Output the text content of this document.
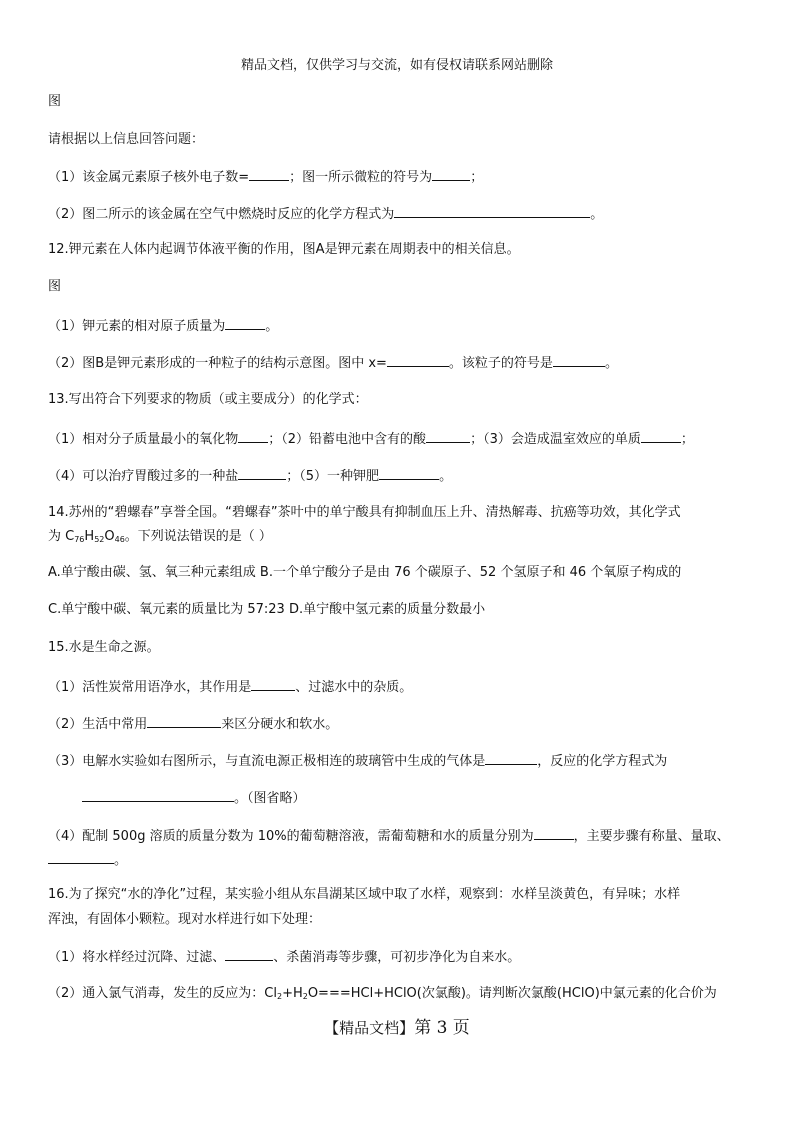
精品文档，仅供学习与交流，如有侵权请联系网站删除
图
请根据以上信息回答问题：
（1）该金属元素原子核外电子数=	；图一所示微粒的符号为	；
（2）图二所示的该金属在空气中燃烧时反应的化学方程式为	。
12.钾元素在人体内起调节体液平衡的作用，图A是钾元素在周期表中的相关信息。
图
（1）钾元素的相对原子质量为	。
（2）图B是钾元素形成的一种粒子的结构示意图。图中 x=	。该粒子的符号是	。
13.写出符合下列要求的物质（或主要成分）的化学式：
（1）相对分子质量最小的氧化物 ；（2）铅蓄电池中含有的酸	；（3）会造成温室效应的单质	；
（4）可以治疗胃酸过多的一种盐	；（5）一种钾肥	。
14.苏州的“碧螺春”享誉全国。“碧螺春”茶叶中的单宁酸具有抑制血压上升、清热解毒、抗癌等功效，其化学式
为 $C_{76}H_{52}O_{46}$。下列说法错误的是（ ）
A.单宁酸由碳、氢、氧三种元素组成 B.一个单宁酸分子是由 76 个碳原子、52 个氢原子和 46 个氧原子构成的
C.单宁酸中碳、氧元素的质量比为 57:23 D.单宁酸中氢元素的质量分数最小
15.水是生命之源。
（1）活性炭常用语净水，其作用是	、过滤水中的杂质。
（2）生活中常用	来区分硬水和软水。
（3）电解水实验如右图所示，与直流电源正极相连的玻璃管中生成的气体是	，反应的化学方程式为
。（图省略）
（4）配制 500g 溶质的质量分数为 10%的葡萄糖溶液，需葡萄糖和水的质量分别为	，主要步骤有称量、量取、
。
16.为了探究“水的净化”过程，某实验小组从东昌湖某区域中取了水样，观察到：水样呈淡黄色，有异味；水样
浑浊，有固体小颗粒。现对水样进行如下处理：
（1）将水样经过沉降、过滤、	、杀菌消毒等步骤，可初步净化为自来水。
（2）通入氯气消毒，发生的反应为：$Cl_2+H_2O===HCl+HClO$(次氯酸)。请判断次氯酸(HClO)中氯元素的化合价为
【精品文档】第 3 页
